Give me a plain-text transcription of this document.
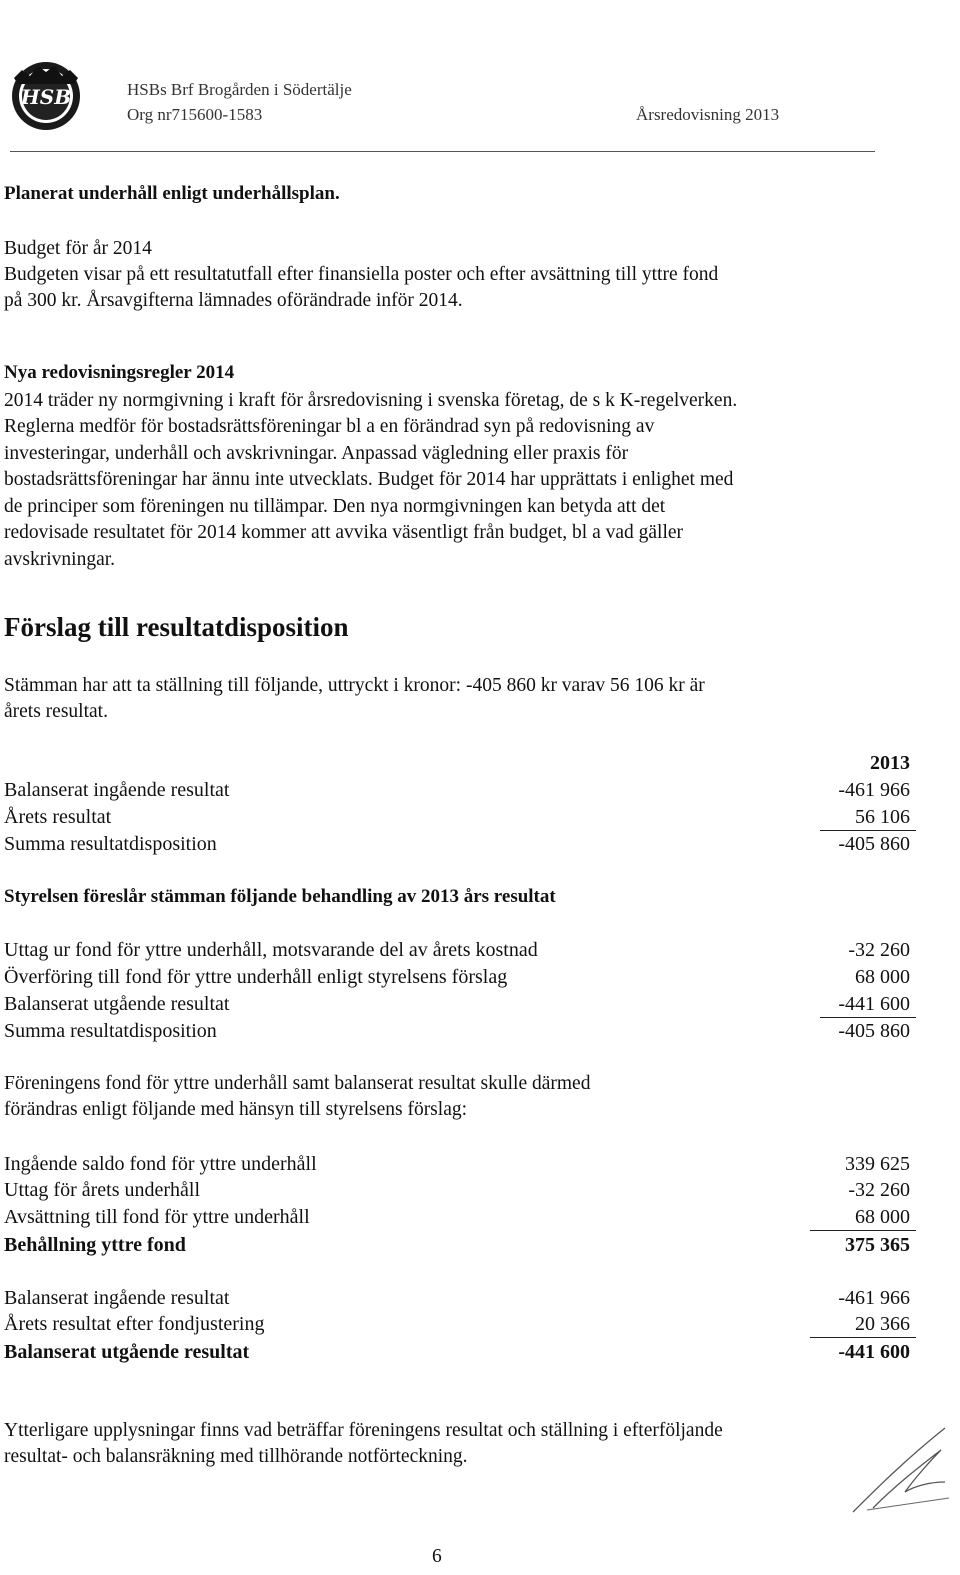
HSB	HSBs Brf Brogården i Södertälje
Org nr715600-1583	Årsredovisning 2013
Planerat underhåll enligt underhållsplan.
Budget för år 2014
Budgeten visar på ett resultatutfall efter finansiella poster och efter avsättning till yttre fond
på 300 kr. Årsavgifterna lämnades oförändrade inför 2014.
Nya redovisningsregler 2014
2014 träder ny normgivning i kraft för årsredovisning i svenska företag, de s k K-regelverken.
Reglerna medför för bostadsrättsföreningar bl a en förändrad syn på redovisning av
investeringar, underhåll och avskrivningar. Anpassad vägledning eller praxis för
bostadsrättsföreningar har ännu inte utvecklats. Budget för 2014 har upprättats i enlighet med
de principer som föreningen nu tillämpar. Den nya normgivningen kan betyda att det
redovisade resultatet för 2014 kommer att avvika väsentligt från budget, bl a vad gäller
avskrivningar.
Förslag till resultatdisposition
Stämman har att ta ställning till följande, uttryckt i kronor: -405 860 kr varav 56 106 kr är
årets resultat.
2013
Balanserat ingående resultat	-461 966
Årets resultat	56 106
Summa resultatdisposition	-405 860
Styrelsen föreslår stämman följande behandling av 2013 års resultat
Uttag ur fond för yttre underhåll, motsvarande del av årets kostnad	-32 260
Överföring till fond för yttre underhåll enligt styrelsens förslag	68 000
Balanserat utgående resultat	-441 600
Summa resultatdisposition	-405 860
Föreningens fond för yttre underhåll samt balanserat resultat skulle därmed
förändras enligt följande med hänsyn till styrelsens förslag:
Ingående saldo fond för yttre underhåll	339 625
Uttag för årets underhåll	-32 260
Avsättning till fond för yttre underhåll	68 000
Behållning yttre fond	375 365
Balanserat ingående resultat	-461 966
Årets resultat efter fondjustering	20 366
Balanserat utgående resultat	-441 600
Ytterligare upplysningar finns vad beträffar föreningens resultat och ställning i efterföljande
resultat- och balansräkning med tillhörande notförteckning.
6
